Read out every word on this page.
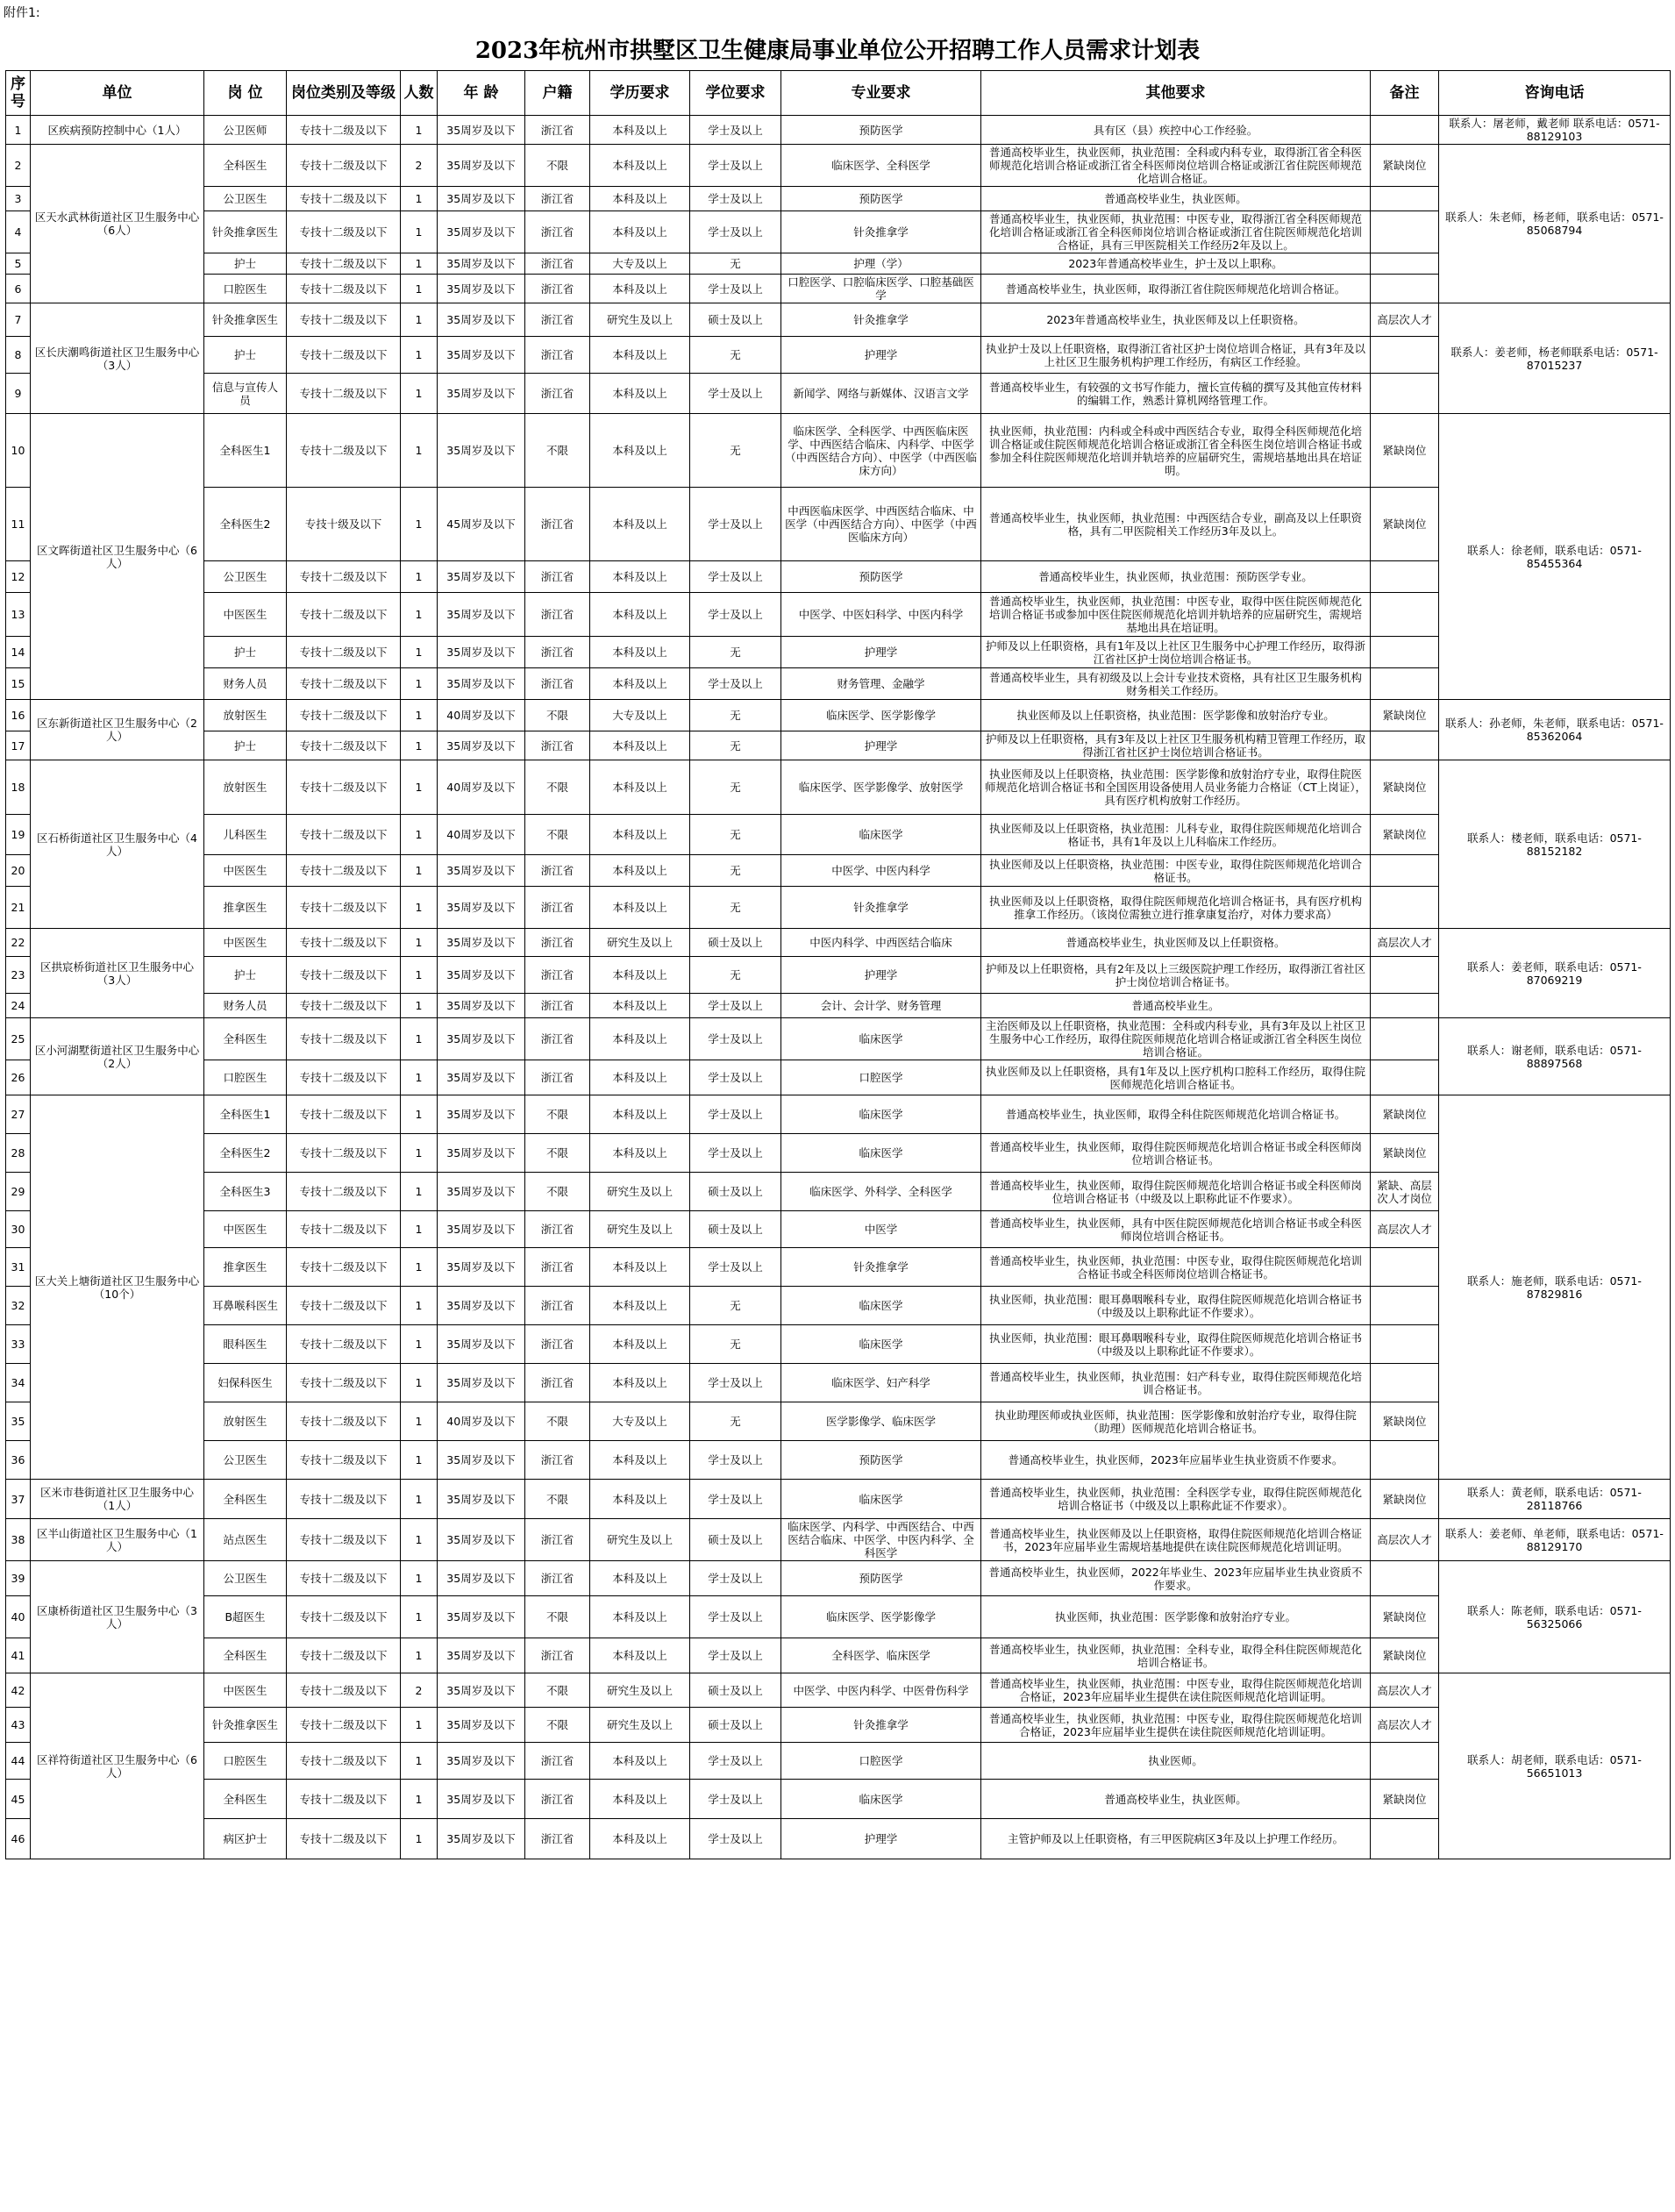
附件1:
2023年杭州市拱墅区卫生健康局事业单位公开招聘工作人员需求计划表
序号	单位	岗 位	岗位类别及等级	人数	年 龄	户籍	学历要求	学位要求	专业要求	其他要求	备注	咨询电话
1	区疾病预防控制中心（1人）	公卫医师	专技十二级及以下	1	35周岁及以下	浙江省	本科及以上	学士及以上	预防医学	具有区（县）疾控中心工作经验。		联系人：屠老师，戴老师 联系电话：0571- 88129103
2	区天水武林街道社区卫生服务中心（6人）	全科医生	专技十二级及以下	2	35周岁及以下	不限	本科及以上	学士及以上	临床医学、全科医学	普通高校毕业生，执业医师，执业范围：全科或内科专业，取得浙江省全科医师规范化培训合格证或浙江省全科医师岗位培训合格证或浙江省住院医师规范化培训合格证。	紧缺岗位	联系人：朱老师，杨老师，联系电话：0571-85068794
3		公卫医生	专技十二级及以下	1	35周岁及以下	浙江省	本科及以上	学士及以上	预防医学	普通高校毕业生，执业医师。		
4		针灸推拿医生	专技十二级及以下	1	35周岁及以下	浙江省	本科及以上	学士及以上	针灸推拿学	普通高校毕业生，执业医师，执业范围：中医专业，取得浙江省全科医师规范化培训合格证或浙江省全科医师岗位培训合格证或浙江省住院医师规范化培训合格证，具有三甲医院相关工作经历2年及以上。		
5		护士	专技十二级及以下	1	35周岁及以下	浙江省	大专及以上	无	护理（学）	2023年普通高校毕业生，护士及以上职称。		
6		口腔医生	专技十二级及以下	1	35周岁及以下	浙江省	本科及以上	学士及以上	口腔医学、口腔临床医学、口腔基础医学	普通高校毕业生，执业医师，取得浙江省住院医师规范化培训合格证。		
7	区长庆潮鸣街道社区卫生服务中心（3人）	针灸推拿医生	专技十二级及以下	1	35周岁及以下	浙江省	研究生及以上	硕士及以上	针灸推拿学	2023年普通高校毕业生，执业医师及以上任职资格。	高层次人才	联系人：姜老师，杨老师联系电话：0571-87015237
8		护士	专技十二级及以下	1	35周岁及以下	浙江省	本科及以上	无	护理学	执业护士及以上任职资格，取得浙江省社区护士岗位培训合格证，具有3年及以上社区卫生服务机构护理工作经历，有病区工作经验。		
9		信息与宣传人员	专技十二级及以下	1	35周岁及以下	浙江省	本科及以上	学士及以上	新闻学、网络与新媒体、汉语言文学	普通高校毕业生，有较强的文书写作能力，擅长宣传稿的撰写及其他宣传材料的编辑工作，熟悉计算机网络管理工作。		
10	区文晖街道社区卫生服务中心（6人）	全科医生1	专技十二级及以下	1	35周岁及以下	不限	本科及以上	无	临床医学、全科医学、中西医临床医学、中西医结合临床、内科学、中医学（中西医结合方向）、中医学（中西医临床方向）	执业医师，执业范围：内科或全科或中西医结合专业，取得全科医师规范化培训合格证或住院医师规范化培训合格证或浙江省全科医生岗位培训合格证书或参加全科住院医师规范化培训并轨培养的应届研究生，需规培基地出具在培证明。	紧缺岗位	联系人：徐老师，联系电话：0571-85455364
11		全科医生2	专技十级及以下	1	45周岁及以下	浙江省	本科及以上	学士及以上	中西医临床医学、中西医结合临床、中医学（中西医结合方向）、中医学（中西医临床方向）	普通高校毕业生，执业医师，执业范围：中西医结合专业，副高及以上任职资格，具有二甲医院相关工作经历3年及以上。	紧缺岗位	
12		公卫医生	专技十二级及以下	1	35周岁及以下	浙江省	本科及以上	学士及以上	预防医学	普通高校毕业生，执业医师，执业范围：预防医学专业。		
13		中医医生	专技十二级及以下	1	35周岁及以下	浙江省	本科及以上	学士及以上	中医学、中医妇科学、中医内科学	普通高校毕业生，执业医师，执业范围：中医专业，取得中医住院医师规范化培训合格证书或参加中医住院医师规范化培训并轨培养的应届研究生，需规培基地出具在培证明。		
14		护士	专技十二级及以下	1	35周岁及以下	浙江省	本科及以上	无	护理学	护师及以上任职资格，具有1年及以上社区卫生服务中心护理工作经历，取得浙江省社区护士岗位培训合格证书。		
15		财务人员	专技十二级及以下	1	35周岁及以下	浙江省	本科及以上	学士及以上	财务管理、金融学	普通高校毕业生，具有初级及以上会计专业技术资格，具有社区卫生服务机构财务相关工作经历。		
16	区东新街道社区卫生服务中心（2人）	放射医生	专技十二级及以下	1	40周岁及以下	不限	大专及以上	无	临床医学、医学影像学	执业医师及以上任职资格，执业范围：医学影像和放射治疗专业。	紧缺岗位	联系人：孙老师，朱老师，联系电话：0571-85362064
17		护士	专技十二级及以下	1	35周岁及以下	浙江省	本科及以上	无	护理学	护师及以上任职资格，具有3年及以上社区卫生服务机构精卫管理工作经历，取得浙江省社区护士岗位培训合格证书。		
18	区石桥街道社区卫生服务中心（4人）	放射医生	专技十二级及以下	1	40周岁及以下	不限	本科及以上	无	临床医学、医学影像学、放射医学	执业医师及以上任职资格，执业范围：医学影像和放射治疗专业，取得住院医师规范化培训合格证书和全国医用设备使用人员业务能力合格证（CT上岗证），具有医疗机构放射工作经历。	紧缺岗位	联系人：楼老师，联系电话：0571-88152182
19		儿科医生	专技十二级及以下	1	40周岁及以下	不限	本科及以上	无	临床医学	执业医师及以上任职资格，执业范围：儿科专业，取得住院医师规范化培训合格证书，具有1年及以上儿科临床工作经历。	紧缺岗位	
20		中医医生	专技十二级及以下	1	35周岁及以下	浙江省	本科及以上	无	中医学、中医内科学	执业医师及以上任职资格，执业范围：中医专业，取得住院医师规范化培训合格证书。		
21		推拿医生	专技十二级及以下	1	35周岁及以下	浙江省	本科及以上	无	针灸推拿学	执业医师及以上任职资格，取得住院医师规范化培训合格证书，具有医疗机构推拿工作经历。（该岗位需独立进行推拿康复治疗，对体力要求高）		
22	区拱宸桥街道社区卫生服务中心（3人）	中医医生	专技十二级及以下	1	35周岁及以下	浙江省	研究生及以上	硕士及以上	中医内科学、中西医结合临床	普通高校毕业生，执业医师及以上任职资格。	高层次人才	联系人：姜老师，联系电话：0571-87069219
23		护士	专技十二级及以下	1	35周岁及以下	浙江省	本科及以上	无	护理学	护师及以上任职资格，具有2年及以上三级医院护理工作经历，取得浙江省社区护士岗位培训合格证书。		
24		财务人员	专技十二级及以下	1	35周岁及以下	浙江省	本科及以上	学士及以上	会计、会计学、财务管理	普通高校毕业生。		
25	区小河湖墅街道社区卫生服务中心（2人）	全科医生	专技十二级及以下	1	35周岁及以下	浙江省	本科及以上	学士及以上	临床医学	主治医师及以上任职资格，执业范围：全科或内科专业，具有3年及以上社区卫生服务中心工作经历，取得住院医师规范化培训合格证或浙江省全科医生岗位培训合格证。		联系人：谢老师，联系电话：0571-88897568
26		口腔医生	专技十二级及以下	1	35周岁及以下	浙江省	本科及以上	学士及以上	口腔医学	执业医师及以上任职资格，具有1年及以上医疗机构口腔科工作经历，取得住院医师规范化培训合格证书。		
27	区大关上塘街道社区卫生服务中心（10个）	全科医生1	专技十二级及以下	1	35周岁及以下	不限	本科及以上	学士及以上	临床医学	普通高校毕业生，执业医师，取得全科住院医师规范化培训合格证书。	紧缺岗位	联系人：施老师，联系电话：0571-87829816
28		全科医生2	专技十二级及以下	1	35周岁及以下	不限	本科及以上	学士及以上	临床医学	普通高校毕业生，执业医师，取得住院医师规范化培训合格证书或全科医师岗位培训合格证书。	紧缺岗位	
29		全科医生3	专技十二级及以下	1	35周岁及以下	不限	研究生及以上	硕士及以上	临床医学、外科学、全科医学	普通高校毕业生，执业医师，取得住院医师规范化培训合格证书或全科医师岗位培训合格证书（中级及以上职称此证不作要求）。	紧缺、高层次人才岗位	
30		中医医生	专技十二级及以下	1	35周岁及以下	浙江省	研究生及以上	硕士及以上	中医学	普通高校毕业生，执业医师，具有中医住院医师规范化培训合格证书或全科医师岗位培训合格证书。	高层次人才	
31		推拿医生	专技十二级及以下	1	35周岁及以下	浙江省	本科及以上	学士及以上	针灸推拿学	普通高校毕业生，执业医师，执业范围：中医专业，取得住院医师规范化培训合格证书或全科医师岗位培训合格证书。		
32		耳鼻喉科医生	专技十二级及以下	1	35周岁及以下	浙江省	本科及以上	无	临床医学	执业医师，执业范围：眼耳鼻咽喉科专业，取得住院医师规范化培训合格证书（中级及以上职称此证不作要求）。		
33		眼科医生	专技十二级及以下	1	35周岁及以下	浙江省	本科及以上	无	临床医学	执业医师，执业范围：眼耳鼻咽喉科专业，取得住院医师规范化培训合格证书（中级及以上职称此证不作要求）。		
34		妇保科医生	专技十二级及以下	1	35周岁及以下	浙江省	本科及以上	学士及以上	临床医学、妇产科学	普通高校毕业生，执业医师，执业范围：妇产科专业，取得住院医师规范化培训合格证书。		
35		放射医生	专技十二级及以下	1	40周岁及以下	不限	大专及以上	无	医学影像学、临床医学	执业助理医师或执业医师，执业范围：医学影像和放射治疗专业，取得住院（助理）医师规范化培训合格证书。	紧缺岗位	
36		公卫医生	专技十二级及以下	1	35周岁及以下	浙江省	本科及以上	学士及以上	预防医学	普通高校毕业生，执业医师，2023年应届毕业生执业资质不作要求。		
37	区米市巷街道社区卫生服务中心（1人）	全科医生	专技十二级及以下	1	35周岁及以下	不限	本科及以上	学士及以上	临床医学	普通高校毕业生，执业医师，执业范围：全科医学专业，取得住院医师规范化培训合格证书（中级及以上职称此证不作要求）。	紧缺岗位	联系人：黄老师，联系电话：0571-28118766
38	区半山街道社区卫生服务中心（1人）	站点医生	专技十二级及以下	1	35周岁及以下	浙江省	研究生及以上	硕士及以上	临床医学、内科学、中西医结合、中西医结合临床、中医学、中医内科学、全科医学	普通高校毕业生，执业医师及以上任职资格，取得住院医师规范化培训合格证书，2023年应届毕业生需规培基地提供在读住院医师规范化培训证明。	高层次人才	联系人：姜老师、单老师，联系电话：0571-88129170
39	区康桥街道社区卫生服务中心（3人）	公卫医生	专技十二级及以下	1	35周岁及以下	浙江省	本科及以上	学士及以上	预防医学	普通高校毕业生，执业医师，2022年毕业生、2023年应届毕业生执业资质不作要求。		联系人：陈老师，联系电话：0571-56325066
40		B超医生	专技十二级及以下	1	35周岁及以下	不限	本科及以上	学士及以上	临床医学、医学影像学	执业医师，执业范围：医学影像和放射治疗专业。	紧缺岗位	
41		全科医生	专技十二级及以下	1	35周岁及以下	浙江省	本科及以上	学士及以上	全科医学、临床医学	普通高校毕业生，执业医师，执业范围：全科专业，取得全科住院医师规范化培训合格证书。	紧缺岗位	
42	区祥符街道社区卫生服务中心（6人）	中医医生	专技十二级及以下	2	35周岁及以下	不限	研究生及以上	硕士及以上	中医学、中医内科学、中医骨伤科学	普通高校毕业生，执业医师，执业范围：中医专业，取得住院医师规范化培训合格证，2023年应届毕业生提供在读住院医师规范化培训证明。	高层次人才	联系人：胡老师，联系电话：0571-56651013
43		针灸推拿医生	专技十二级及以下	1	35周岁及以下	不限	研究生及以上	硕士及以上	针灸推拿学	普通高校毕业生，执业医师，执业范围：中医专业，取得住院医师规范化培训合格证，2023年应届毕业生提供在读住院医师规范化培训证明。	高层次人才	
44		口腔医生	专技十二级及以下	1	35周岁及以下	浙江省	本科及以上	学士及以上	口腔医学	执业医师。		
45		全科医生	专技十二级及以下	1	35周岁及以下	浙江省	本科及以上	学士及以上	临床医学	普通高校毕业生，执业医师。	紧缺岗位	
46		病区护士	专技十二级及以下	1	35周岁及以下	浙江省	本科及以上	学士及以上	护理学	主管护师及以上任职资格，有三甲医院病区3年及以上护理工作经历。		
